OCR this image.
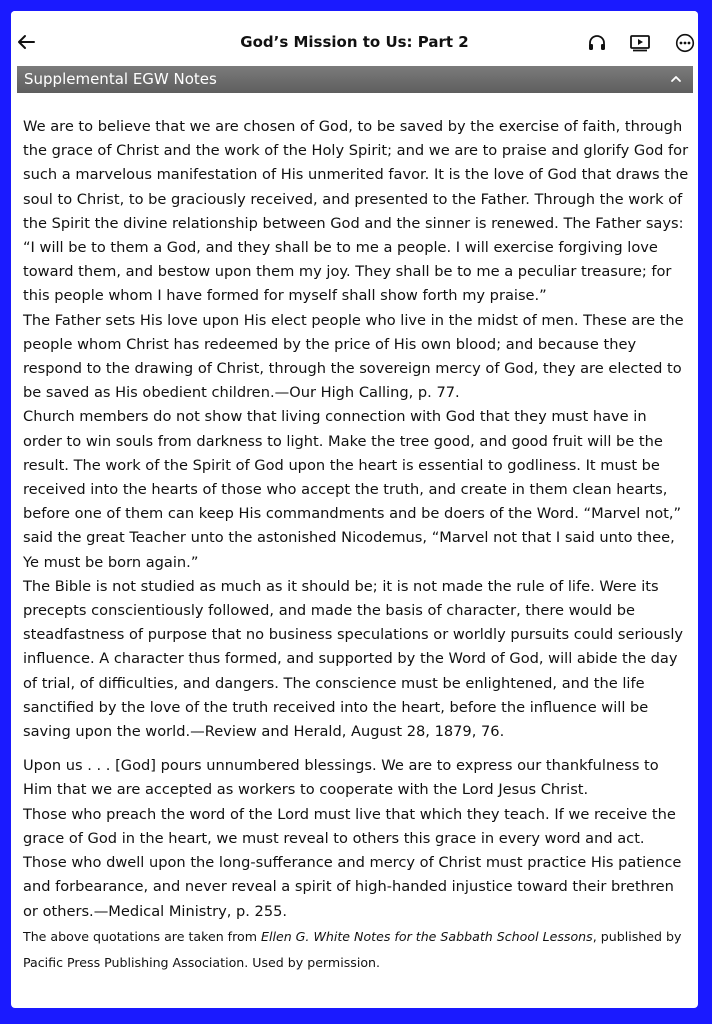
God’s Mission to Us: Part 2
Supplemental EGW Notes

We are to believe that we are chosen of God, to be saved by the exercise of faith, through the grace of Christ and the work of the Holy Spirit; and we are to praise and glorify God for such a marvelous manifestation of His unmerited favor. It is the love of God that draws the soul to Christ, to be graciously received, and presented to the Father. Through the work of the Spirit the divine relationship between God and the sinner is renewed. The Father says: “I will be to them a God, and they shall be to me a people. I will exercise forgiving love toward them, and bestow upon them my joy. They shall be to me a peculiar treasure; for this people whom I have formed for myself shall show forth my praise.”

The Father sets His love upon His elect people who live in the midst of men. These are the people whom Christ has redeemed by the price of His own blood; and because they respond to the drawing of Christ, through the sovereign mercy of God, they are elected to be saved as His obedient children.—Our High Calling, p. 77.

Church members do not show that living connection with God that they must have in order to win souls from darkness to light. Make the tree good, and good fruit will be the result. The work of the Spirit of God upon the heart is essential to godliness. It must be received into the hearts of those who accept the truth, and create in them clean hearts, before one of them can keep His commandments and be doers of the Word. “Marvel not,” said the great Teacher unto the astonished Nicodemus, “Marvel not that I said unto thee, Ye must be born again.”

The Bible is not studied as much as it should be; it is not made the rule of life. Were its precepts conscientiously followed, and made the basis of character, there would be steadfastness of purpose that no business speculations or worldly pursuits could seriously influence. A character thus formed, and supported by the Word of God, will abide the day of trial, of difficulties, and dangers. The conscience must be enlightened, and the life sanctified by the love of the truth received into the heart, before the influence will be saving upon the world.—Review and Herald, August 28, 1879, 76.

Upon us . . . [God] pours unnumbered blessings. We are to express our thankfulness to Him that we are accepted as workers to cooperate with the Lord Jesus Christ.

Those who preach the word of the Lord must live that which they teach. If we receive the grace of God in the heart, we must reveal to others this grace in every word and act. Those who dwell upon the long-sufferance and mercy of Christ must practice His patience and forbearance, and never reveal a spirit of high-handed injustice toward their brethren or others.—Medical Ministry, p. 255.

The above quotations are taken from Ellen G. White Notes for the Sabbath School Lessons, published by Pacific Press Publishing Association. Used by permission.
